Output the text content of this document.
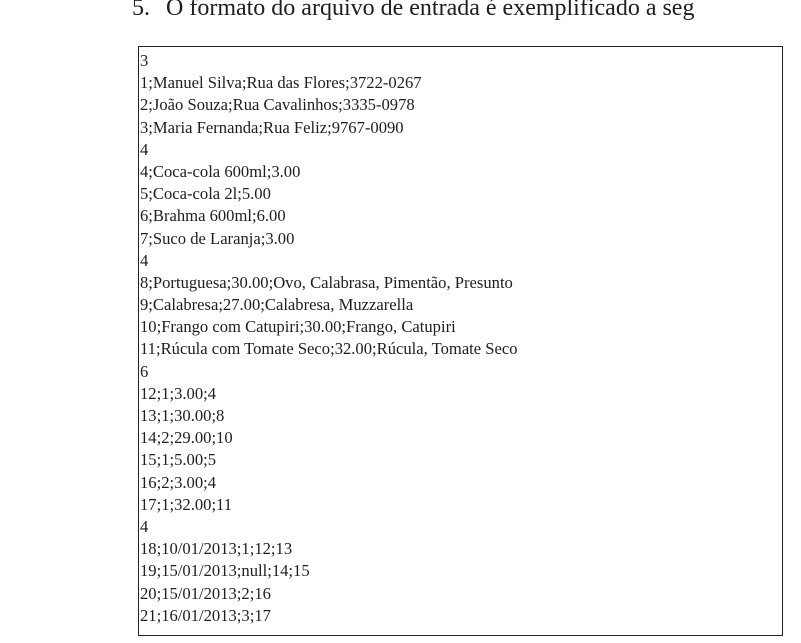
5. O formato do arquivo de entrada é exemplificado a seg
3
1;Manuel Silva;Rua das Flores;3722-0267
2;João Souza;Rua Cavalinhos;3335-0978
3;Maria Fernanda;Rua Feliz;9767-0090
4
4;Coca-cola 600ml;3.00
5;Coca-cola 2l;5.00
6;Brahma 600ml;6.00
7;Suco de Laranja;3.00
4
8;Portuguesa;30.00;Ovo, Calabrasa, Pimentão, Presunto
9;Calabresa;27.00;Calabresa, Muzzarella
10;Frango com Catupiri;30.00;Frango, Catupiri
11;Rúcula com Tomate Seco;32.00;Rúcula, Tomate Seco
6
12;1;3.00;4
13;1;30.00;8
14;2;29.00;10
15;1;5.00;5
16;2;3.00;4
17;1;32.00;11
4
18;10/01/2013;1;12;13
19;15/01/2013;null;14;15
20;15/01/2013;2;16
21;16/01/2013;3;17
